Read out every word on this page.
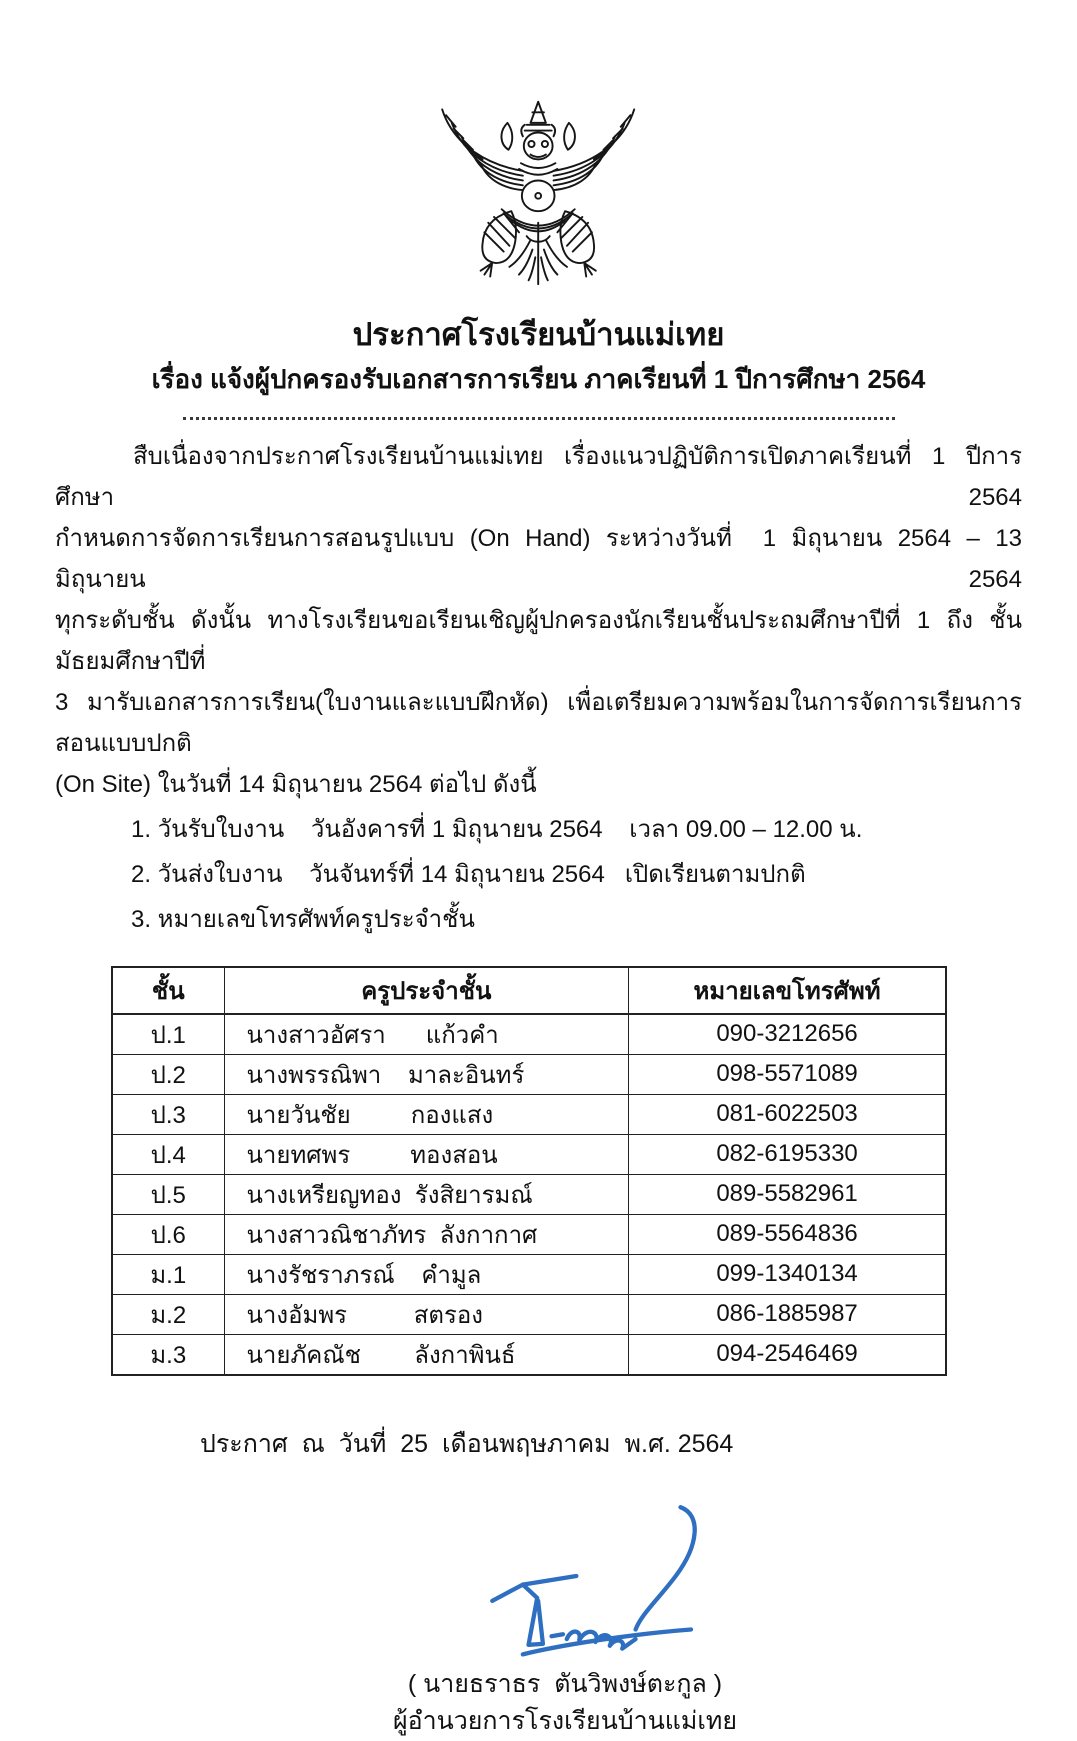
ประกาศโรงเรียนบ้านแม่เทย
เรื่อง แจ้งผู้ปกครองรับเอกสารการเรียน ภาคเรียนที่ 1 ปีการศึกษา 2564
สืบเนื่องจากประกาศโรงเรียนบ้านแม่เทย เรื่องแนวปฏิบัติการเปิดภาคเรียนที่ 1 ปีการศึกษา 2564
กำหนดการจัดการเรียนการสอนรูปแบบ (On Hand) ระหว่างวันที่  1 มิถุนายน 2564 – 13 มิถุนายน 2564
ทุกระดับชั้น ดังนั้น ทางโรงเรียนขอเรียนเชิญผู้ปกครองนักเรียนชั้นประถมศึกษาปีที่ 1 ถึง ชั้นมัธยมศึกษาปีที่
3 มารับเอกสารการเรียน(ใบงานและแบบฝึกหัด) เพื่อเตรียมความพร้อมในการจัดการเรียนการสอนแบบปกติ
(On Site) ในวันที่ 14 มิถุนายน 2564 ต่อไป ดังนี้
1. วันรับใบงาน    วันอังคารที่ 1 มิถุนายน 2564    เวลา 09.00 – 12.00 น.
2. วันส่งใบงาน    วันจันทร์ที่ 14 มิถุนายน 2564   เปิดเรียนตามปกติ
3. หมายเลขโทรศัพท์ครูประจำชั้น
ชั้น	ครูประจำชั้น	หมายเลขโทรศัพท์
ป.1	นางสาวอัศรา      แก้วคำ	090-3212656
ป.2	นางพรรณิพา    มาละอินทร์	098-5571089
ป.3	นายวันชัย         กองแสง	081-6022503
ป.4	นายทศพร         ทองสอน	082-6195330
ป.5	นางเหรียญทอง  รังสิยารมณ์	089-5582961
ป.6	นางสาวณิชาภัทร  ลังกากาศ	089-5564836
ม.1	นางรัชราภรณ์    คำมูล	099-1340134
ม.2	นางอัมพร          สตรอง	086-1885987
ม.3	นายภัคณัช        ลังกาพินธ์	094-2546469
ประกาศ  ณ  วันที่  25  เดือนพฤษภาคม  พ.ศ. 2564
( นายธราธร  ตันวิพงษ์ตะกูล )
ผู้อำนวยการโรงเรียนบ้านแม่เทย
